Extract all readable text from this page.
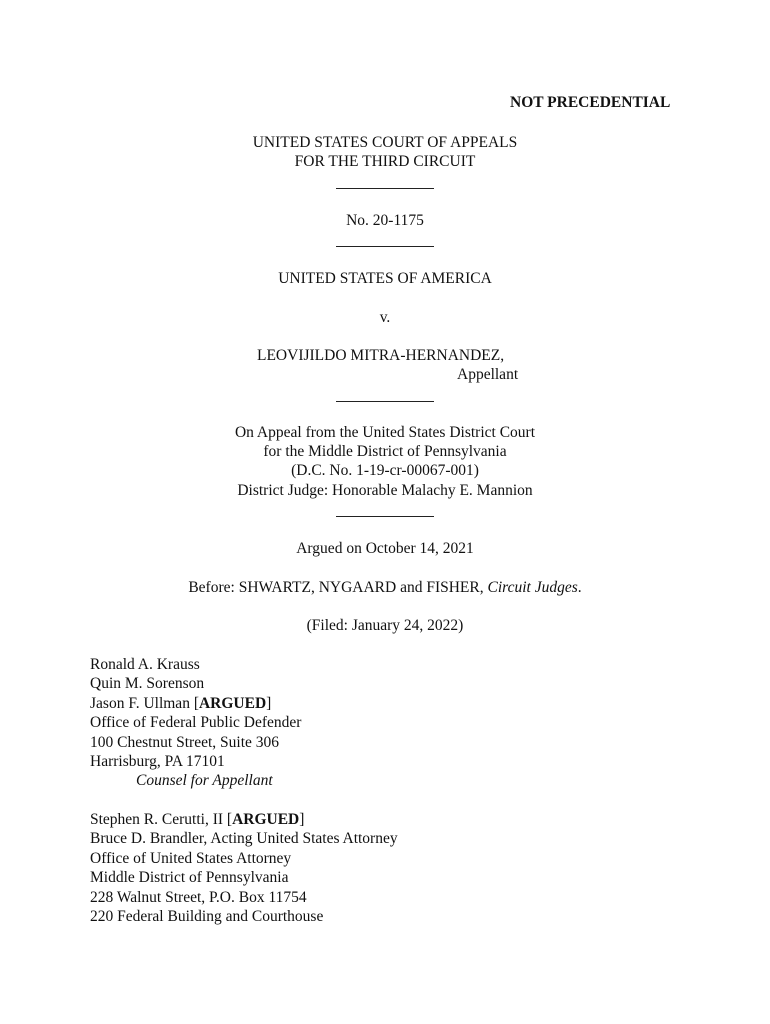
NOT PRECEDENTIAL
UNITED STATES COURT OF APPEALS
FOR THE THIRD CIRCUIT
No. 20-1175
UNITED STATES OF AMERICA
v.
LEOVIJILDO MITRA-HERNANDEZ,
Appellant
On Appeal from the United States District Court
for the Middle District of Pennsylvania
(D.C. No. 1-19-cr-00067-001)
District Judge: Honorable Malachy E. Mannion
Argued on October 14, 2021
Before: SHWARTZ, NYGAARD and FISHER, Circuit Judges.
(Filed: January 24, 2022)
Ronald A. Krauss
Quin M. Sorenson
Jason F. Ullman [ARGUED]
Office of Federal Public Defender
100 Chestnut Street, Suite 306
Harrisburg, PA 17101
Counsel for Appellant
Stephen R. Cerutti, II [ARGUED]
Bruce D. Brandler, Acting United States Attorney
Office of United States Attorney
Middle District of Pennsylvania
228 Walnut Street, P.O. Box 11754
220 Federal Building and Courthouse
